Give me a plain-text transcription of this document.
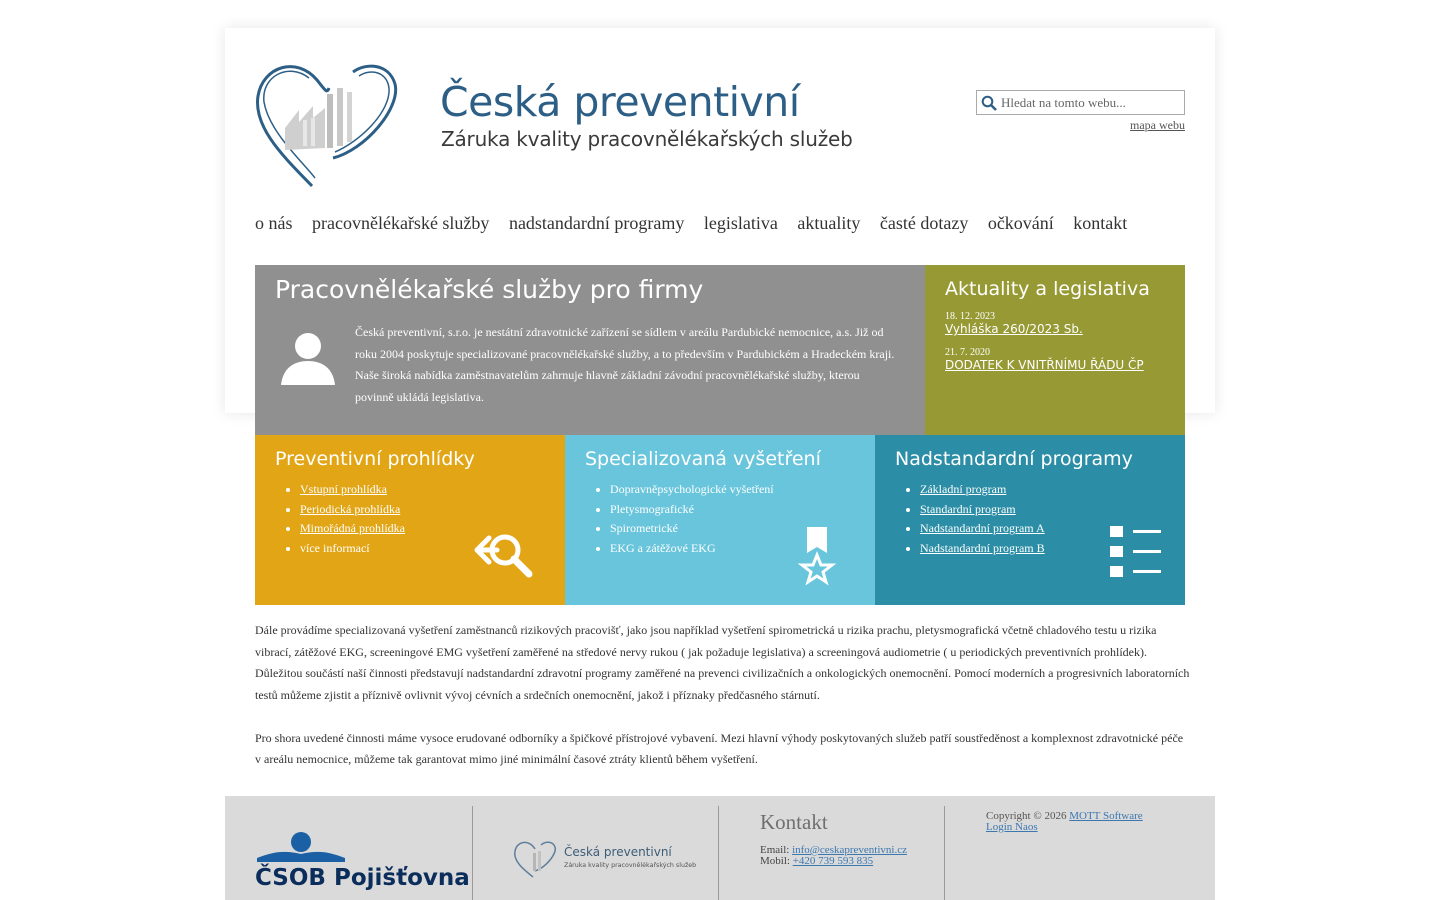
Česká preventivní
Záruka kvality pracovnělékařských služeb
Hledat na tomto webu...
mapa webu
o nás pracovnělékařské služby nadstandardní programy legislativa aktuality časté dotazy očkování kontakt
Pracovnělékařské služby pro firmy

Česká preventivní, s.r.o. je nestátní zdravotnické zařízení se sídlem v areálu Pardubické nemocnice, a.s. Již od roku 2004 poskytuje specializované pracovnělékařské služby, a to především v Pardubickém a Hradeckém kraji. Naše široká nabídka zaměstnavatelům zahrnuje hlavně základní závodní pracovnělékařské služby, kterou povinně ukládá legislativa.

Aktuality a legislativa
18. 12. 2023
Vyhláška 260/2023 Sb.
21. 7. 2020
DODATEK K VNITŘNÍMU ŘÁDU ČP
Preventivní prohlídky
• Vstupní prohlídka
• Periodická prohlídka
• Mimořádná prohlídka
• více informací
Specializovaná vyšetření
• Dopravněpsychologické vyšetření
• Pletysmografické
• Spirometrické
• EKG a zátěžové EKG
Nadstandardní programy
• Základní program
• Standardní program
• Nadstandardní program A
• Nadstandardní program B

Dále provádíme specializovaná vyšetření zaměstnanců rizikových pracovišť, jako jsou například vyšetření spirometrická u rizika prachu, pletysmografická včetně chladového testu u rizika vibrací, zátěžové EKG, screeningové EMG vyšetření zaměřené na středové nervy rukou ( jak požaduje legislativa) a screeningová audiometrie ( u periodických preventivních prohlídek). Důležitou součástí naší činnosti představují nadstandardní zdravotní programy zaměřené na prevenci civilizačních a onkologických onemocnění. Pomocí moderních a progresivních laboratorních testů můžeme zjistit a příznivě ovlivnit vývoj cévních a srdečních onemocnění, jakož i příznaky předčasného stárnutí.

Pro shora uvedené činnosti máme vysoce erudované odborníky a špičkové přístrojové vybavení. Mezi hlavní výhody poskytovaných služeb patří soustředěnost a komplexnost zdravotnické péče v areálu nemocnice, můžeme tak garantovat mimo jiné minimální časové ztráty klientů během vyšetření.

ČSOB Pojišťovna
Česká preventivní
Záruka kvality pracovnělékařských služeb
Kontakt
Email: info@ceskapreventivni.cz
Mobil: +420 739 593 835
Copyright © 2026 MOTT Software
Login Naos
